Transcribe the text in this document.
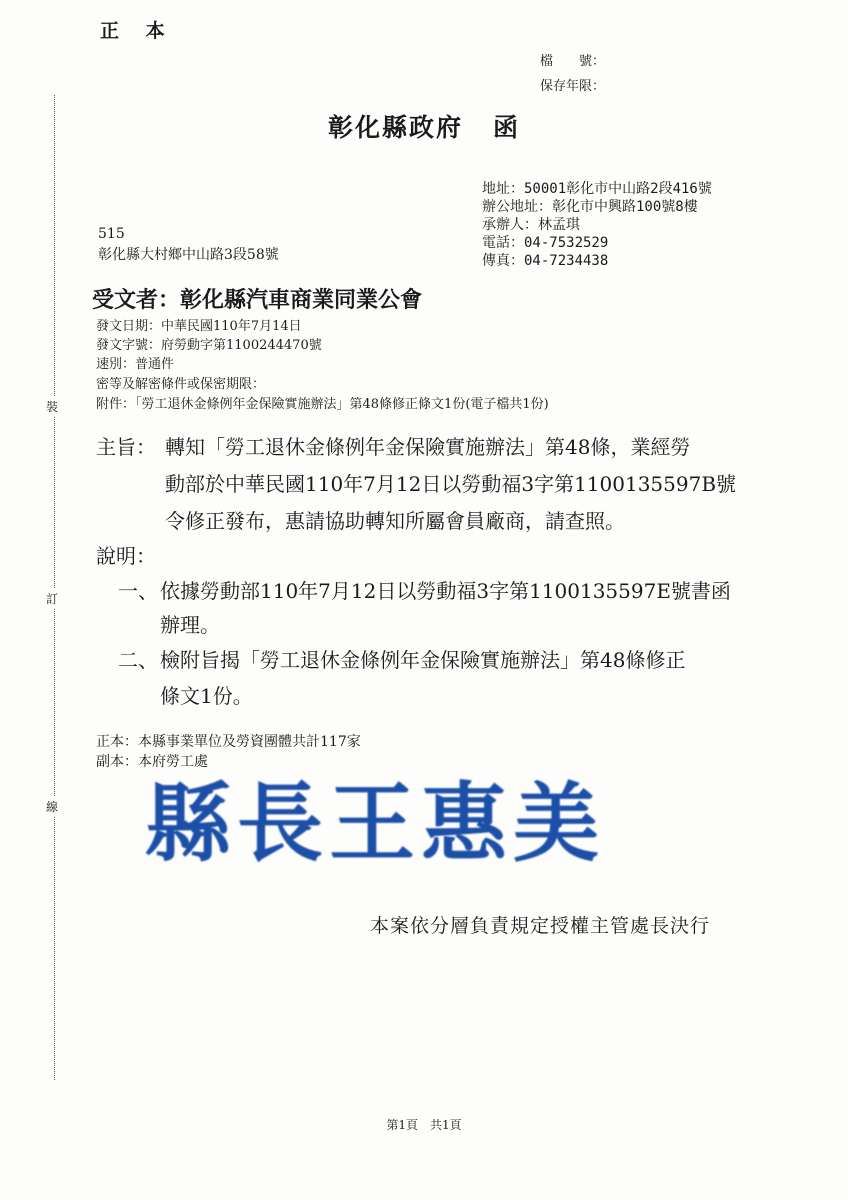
裝
訂
線
正 本
檔　　號：
保存年限：
彰化縣政府 函
地址：50001彰化市中山路2段416號
辦公地址：彰化市中興路100號8樓
承辦人：林孟琪
電話：04-7532529
傳真：04-7234438
515
彰化縣大村鄉中山路3段58號
受文者：彰化縣汽車商業同業公會
發文日期：中華民國110年7月14日
發文字號：府勞動字第1100244470號
速別：普通件
密等及解密條件或保密期限：
附件：「勞工退休金條例年金保險實施辦法」第48條修正條文1份(電子檔共1份)
主旨： 轉知「勞工退休金條例年金保險實施辦法」第48條，業經勞
動部於中華民國110年7月12日以勞動福3字第1100135597B號
令修正發布，惠請協助轉知所屬會員廠商，請查照。
說明：
一、 依據勞動部110年7月12日以勞動福3字第1100135597E號書函
辦理。
二、 檢附旨揭「勞工退休金條例年金保險實施辦法」第48條修正
條文1份。
正本：本縣事業單位及勞資團體共計117家
副本：本府勞工處
縣長王惠美
本案依分層負責規定授權主管處長決行
第1頁　共1頁
